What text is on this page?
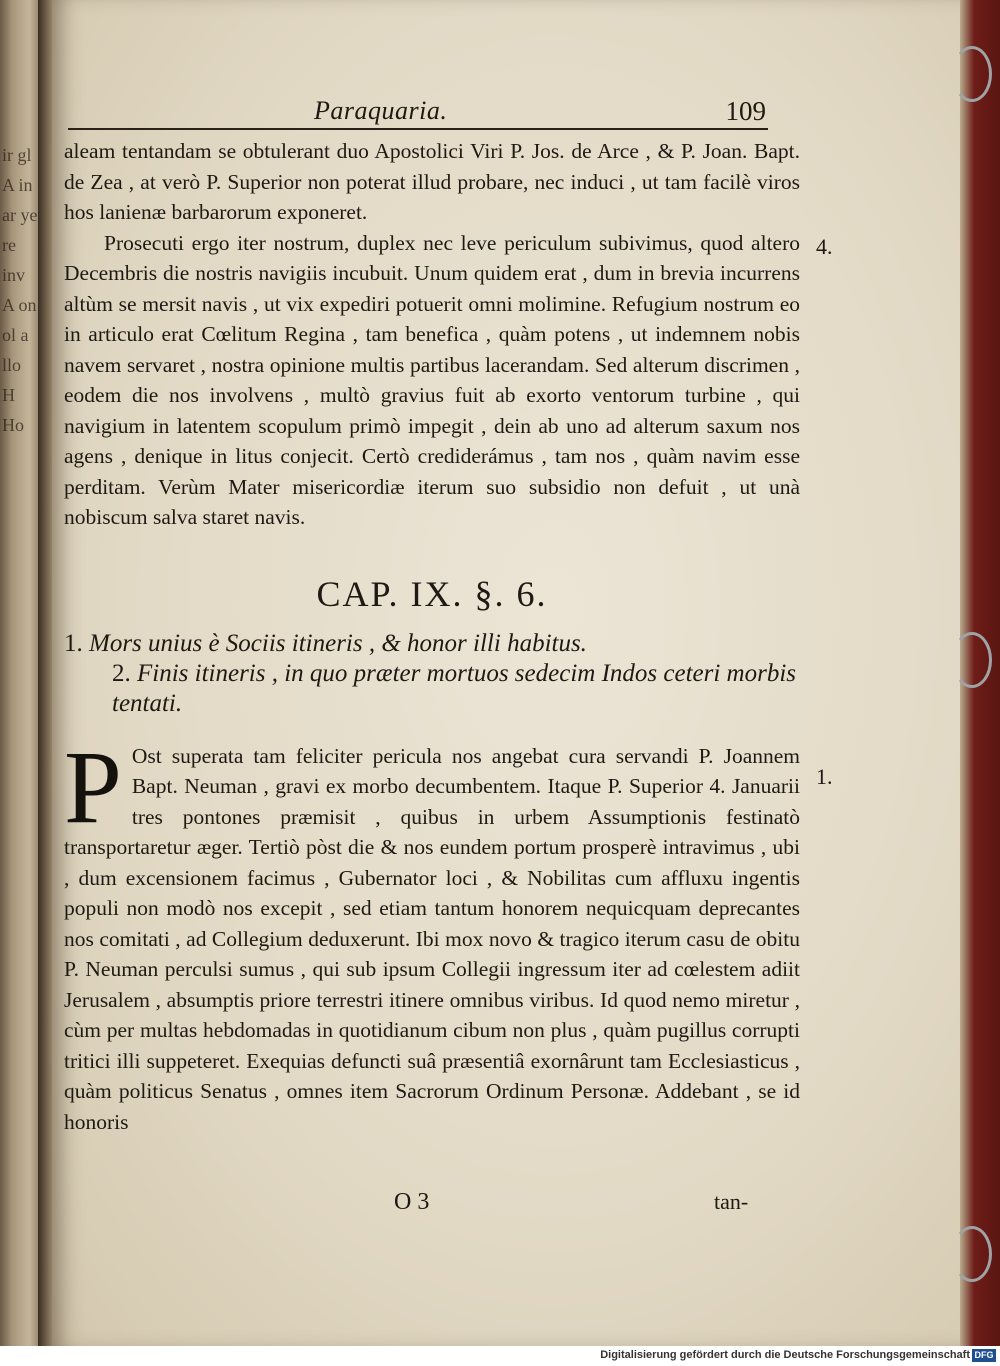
ir gl A in ar ye re inv A on ol a llo H Ho
Paraquaria.	109

aleam tentandam se obtulerant duo Apostolici Viri P. Jos. de Arce , & P. Joan. Bapt. de Zea , at verò P. Superior non poterat illud probare, nec induci , ut tam facilè viros hos lanienæ barbarorum exponeret.

Prosecuti ergo iter nostrum, duplex nec leve periculum subivimus, quod altero Decembris die nostris navigiis incubuit. Unum quidem erat , dum in brevia incurrens altùm se mersit navis , ut vix expediri potuerit omni molimine. Refugium nostrum eo in articulo erat Cœlitum Regina , tam benefica , quàm potens , ut indemnem nobis navem servaret , nostra opinione multis partibus lacerandam. Sed alterum discrimen , eodem die nos involvens , multò gravius fuit ab exorto ventorum turbine , qui navigium in latentem scopulum primò impegit , dein ab uno ad alterum saxum nos agens , denique in litus conjecit. Certò crediderámus , tam nos , quàm navim esse perditam. Verùm Mater misericordiæ iterum suo subsidio non defuit , ut unà nobiscum salva staret navis.

CAP. IX. §. 6.

1. Mors unius è Sociis itineris , & honor illi habitus.

2. Finis itineris , in quo præter mortuos sedecim Indos ceteri morbis tentati.

P Ost superata tam feliciter pericula nos angebat cura servandi P. Joannem Bapt. Neuman , gravi ex morbo decumbentem. Itaque P. Superior 4. Januarii tres pontones præmisit , quibus in urbem Assumptionis festinatò transportaretur æger. Tertiò pòst die & nos eundem portum prosperè intravimus , ubi , dum excensionem facimus , Gubernator loci , & Nobilitas cum affluxu ingentis populi non modò nos excepit , sed etiam tantum honorem nequicquam deprecantes nos comitati , ad Collegium deduxerunt. Ibi mox novo & tragico iterum casu de obitu P. Neuman perculsi sumus , qui sub ipsum Collegii ingressum iter ad cœlestem adiit Jerusalem , absumptis priore terrestri itinere omnibus viribus. Id quod nemo miretur , cùm per multas hebdomadas in quotidianum cibum non plus , quàm pugillus corrupti tritici illi suppeteret. Exequias defuncti suâ præsentiâ exornârunt tam Ecclesiasticus , quàm politicus Senatus , omnes item Sacrorum Ordinum Personæ. Addebant , se id honoris

4.
1.
O 3	tan-
Digitalisierung gefördert durch die Deutsche Forschungsgemeinschaft DFG
